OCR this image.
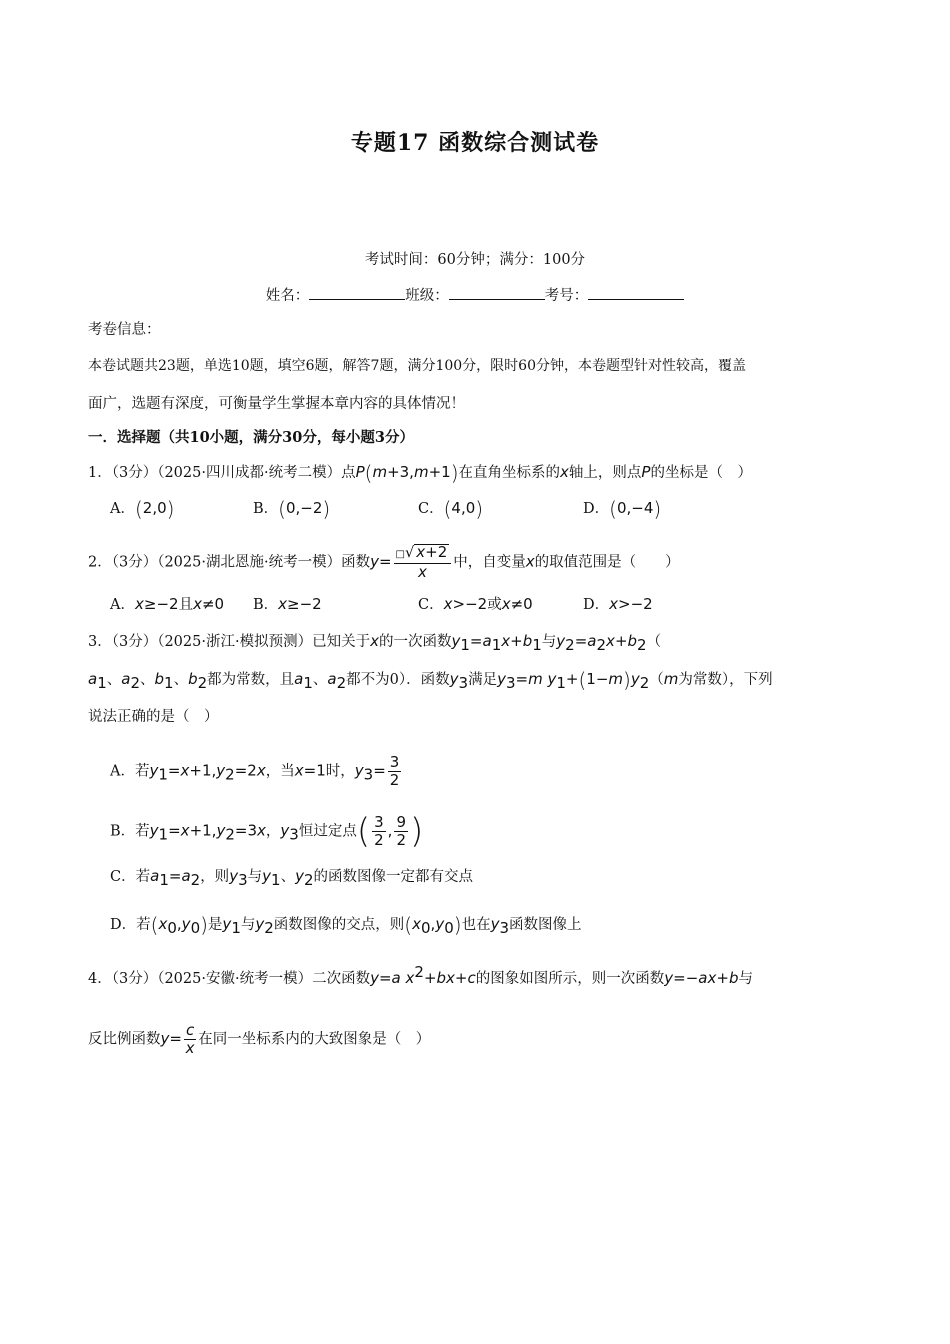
专题17 函数综合测试卷
考试时间：60分钟；满分：100分
姓名：	班级：	考号：
考卷信息：
本卷试题共23题，单选10题，填空6题，解答7题，满分100分，限时60分钟，本卷题型针对性较高，覆盖
面广，选题有深度，可衡量学生掌握本章内容的具体情况！
一．选择题（共10小题，满分30分，每小题3分）
1．（3分）（2025·四川成都·统考二模）点P(m+3,m+1)在直角坐标系的x轴上，则点P的坐标是（　）
A．(2,0)	B．(0,−2)	C．(4,0)	D．(0,−4)
2．（3分）（2025·湖北恩施·统考一模）函数$y= \frac{□√ x+2}{x}$ 中，自变量x的取值范围是（　　）
A．x≥−2且x≠0 B．x≥−2	C．x>−2或x≠0	D．x>−2
3．（3分）（2025·浙江·模拟预测）已知关于x的一次函数$y_1=a_1x+b_1$与$y_2=a_2x+b_2$（
$a_1$、$a_2$、$b_1$、$b_2$都为常数，且$a_1$、$a_2$都不为0）．函数$y_3$满足$y_3=m$ $y_1+(1-m)y_2(m$为常数），下列
说法正确的是（　）
A．若$y_1=x+1,y_2=2x$，当x=1时，$y_3= \frac{3}{2}$
B．若$y_1=x+1,y_2=3x$，$y_3$恒过定点( $\frac{3}{2}$ , $\frac{9}{2}$ )
C．若$a_1=a_2$，则$y_3$与$y_1$、$y_2$的函数图像一定都有交点
D．若$(x_0,y_0)$是$y_1$与$y_2$函数图像的交点，则$(x_0,y_0)$也在$y_3$函数图像上
4．（3分）（2025·安徽·统考一模）二次函数y=a $x^2+bx+c$的图象如图所示，则一次函数y=−ax+b与
反比例函数$y= \frac{c}{x}$ 在同一坐标系内的大致图象是（　）
